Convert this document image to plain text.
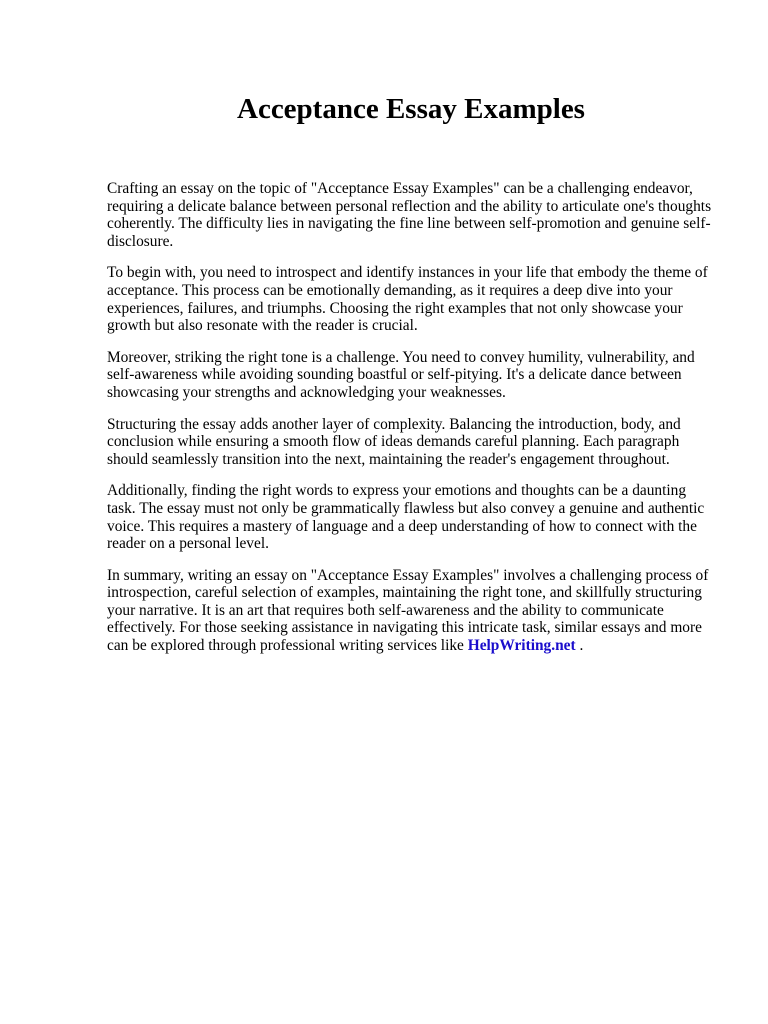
Acceptance Essay Examples

Crafting an essay on the topic of "Acceptance Essay Examples" can be a challenging endeavor, requiring a delicate balance between personal reflection and the ability to articulate one's thoughts coherently. The difficulty lies in navigating the fine line between self-promotion and genuine self-disclosure.

To begin with, you need to introspect and identify instances in your life that embody the theme of acceptance. This process can be emotionally demanding, as it requires a deep dive into your experiences, failures, and triumphs. Choosing the right examples that not only showcase your growth but also resonate with the reader is crucial.

Moreover, striking the right tone is a challenge. You need to convey humility, vulnerability, and self-awareness while avoiding sounding boastful or self-pitying. It's a delicate dance between showcasing your strengths and acknowledging your weaknesses.

Structuring the essay adds another layer of complexity. Balancing the introduction, body, and conclusion while ensuring a smooth flow of ideas demands careful planning. Each paragraph should seamlessly transition into the next, maintaining the reader's engagement throughout.

Additionally, finding the right words to express your emotions and thoughts can be a daunting task. The essay must not only be grammatically flawless but also convey a genuine and authentic voice. This requires a mastery of language and a deep understanding of how to connect with the reader on a personal level.

In summary, writing an essay on "Acceptance Essay Examples" involves a challenging process of introspection, careful selection of examples, maintaining the right tone, and skillfully structuring your narrative. It is an art that requires both self-awareness and the ability to communicate effectively. For those seeking assistance in navigating this intricate task, similar essays and more can be explored through professional writing services like HelpWriting.net .
